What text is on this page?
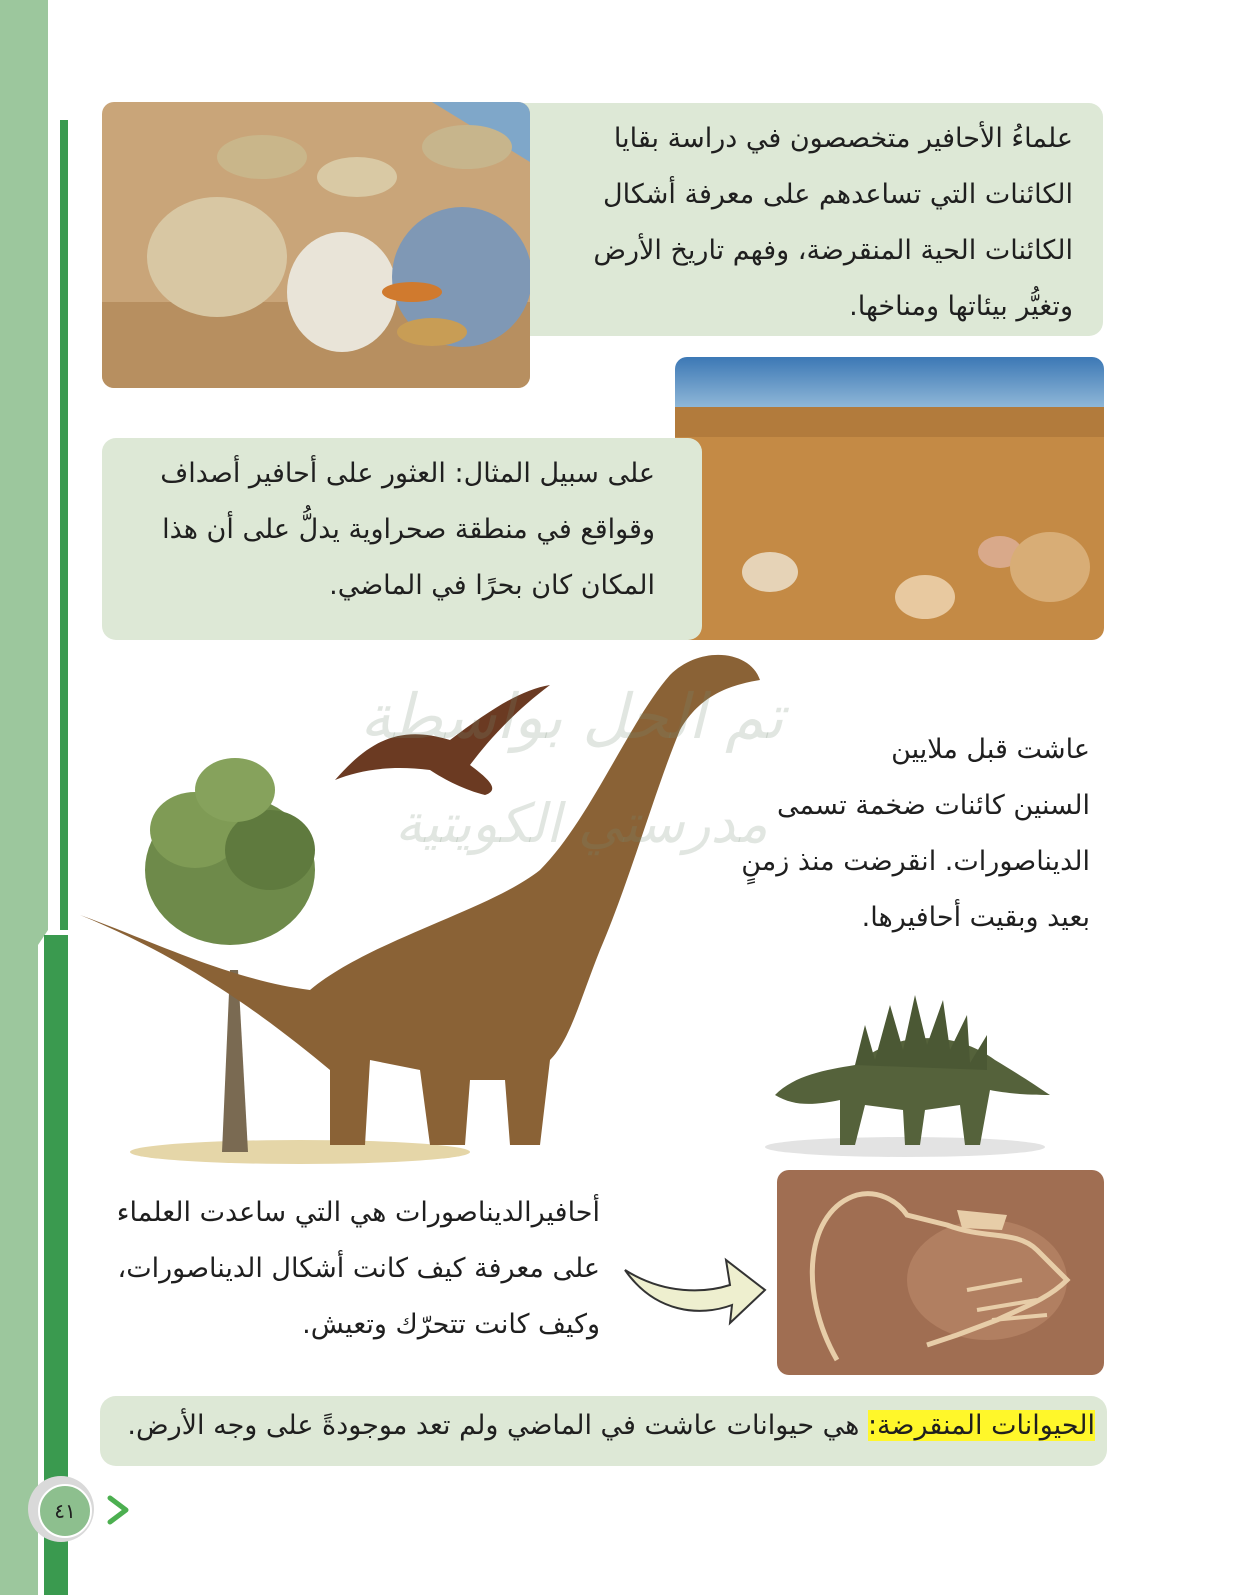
علماءُ الأحافير متخصصون في دراسة بقايا
الكائنات التي تساعدهم على معرفة أشكال
الكائنات الحية المنقرضة، وفهم تاريخ الأرض
وتغيُّر بيئاتها ومناخها.
على سبيل المثال: العثور على أحافير أصداف
وقواقع في منطقة صحراوية يدلُّ على أن هذا
المكان كان بحرًا في الماضي.
تم الحل بواسطة
مدرستي الكويتية
عاشت قبل ملايين
السنين كائنات ضخمة تسمى
الديناصورات. انقرضت منذ زمنٍ
بعيد وبقيت أحافيرها.
أحافيرالديناصورات هي التي ساعدت العلماء
على معرفة كيف كانت أشكال الديناصورات،
وكيف كانت تتحرّك وتعيش.
الحيوانات المنقرضة: هي حيوانات عاشت في الماضي ولم تعد موجودةً على وجه الأرض.
٤١
